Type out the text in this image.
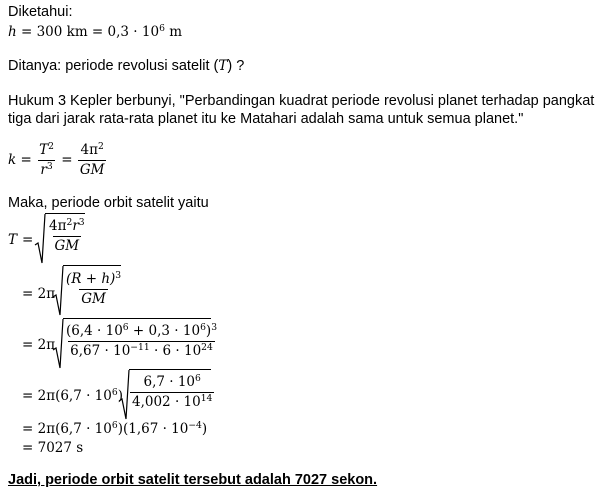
Diketahui:
h = 300 km = $0,3 \cdot 10^6$ m
Ditanya: periode revolusi satelit (T) ?
Hukum 3 Kepler berbunyi, "Perbandingan kuadrat periode revolusi planet terhadap pangkat
tiga dari jarak rata-rata planet itu ke Matahari adalah sama untuk semua planet."
$k = \frac{T^2}{r^3} = \frac{4\pi^2}{GM}$
Maka, periode orbit satelit yaitu
$T = \frac{4\pi^2r^3}{GM}$
= $2\pi \frac{(R + h)^3}{GM}$
= $2\pi \frac{(6,4 \cdot 10^6 + 0,3 \cdot 10^6)^3}{6,67 \cdot 10^{-11} \cdot 6 \cdot 10^{24}}$
= $2\pi(6,7 \cdot 10^6) \frac{6,7 \cdot 10^6}{4,002 \cdot 10^{14}}$
= $2\pi(6,7 \cdot 10^6)(1,67 \cdot 10^{-4})$
= 7027 s
Jadi, periode orbit satelit tersebut adalah 7027 sekon.
